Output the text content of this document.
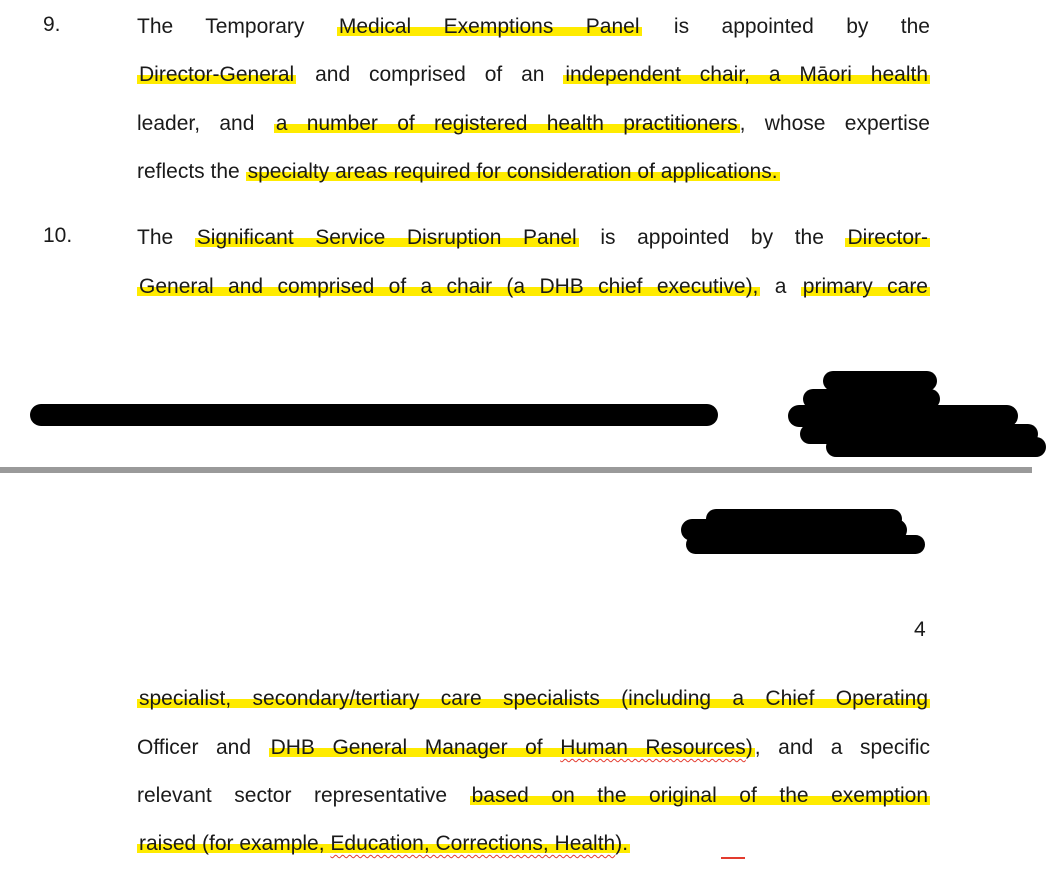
9.	The Temporary Medical Exemptions Panel is appointed by the
Director-General and comprised of an independent chair, a Māori health
leader, and a number of registered health practitioners, whose expertise
reflects the specialty areas required for consideration of applications.
10.	The Significant Service Disruption Panel is appointed by the Director-
General and comprised of a chair (a DHB chief executive), a primary care
4
specialist, secondary/tertiary care specialists (including a Chief Operating
Officer and DHB General Manager of Human Resources), and a specific
relevant sector representative based on the original of the exemption
raised (for example, Education, Corrections, Health).
